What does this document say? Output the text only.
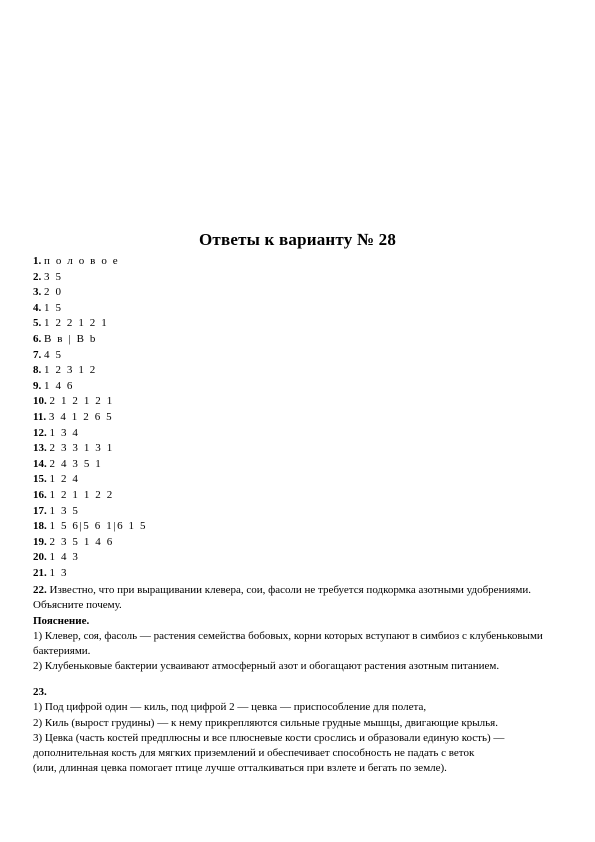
Ответы к варианту № 28
1. п о л о в о е
2. 3 5
3. 2 0
4. 1 5
5. 1 2 2 1 2 1
6. В в | В b
7. 4 5
8. 1 2 3 1 2
9. 1 4 6
10. 2 1 2 1 2 1
11. 3 4 1 2 6 5
12. 1 3 4
13. 2 3 3 1 3 1
14. 2 4 3 5 1
15. 1 2 4
16. 1 2 1 1 2 2
17. 1 3 5
18. 1 5 6|5 6 1|6 1 5
19. 2 3 5 1 4 6
20. 1 4 3
21. 1 3

22. Известно, что при выращивании клевера, сои, фасоли не требуется подкормка азотными удобрениями. Объясните почему.

Пояснение.

1) Клевер, соя, фасоль — растения семейства бобовых, корни которых вступают в симбиоз с клубеньковыми бактериями.

2) Клубеньковые бактерии усваивают атмосферный азот и обогащают растения азотным питанием.

23.

1) Под цифрой один — киль, под цифрой 2 — цевка — приспособление для полета,

2) Киль (вырост грудины) — к нему прикрепляются сильные грудные мышцы, двигающие крылья.

3) Цевка (часть костей предплюсны и все плюсневые кости срослись и образовали единую кость) — дополнительная кость для мягких приземлений и обеспечивает способность не падать с веток

(или, длинная цевка помогает птице лучше отталкиваться при взлете и бегать по земле).
